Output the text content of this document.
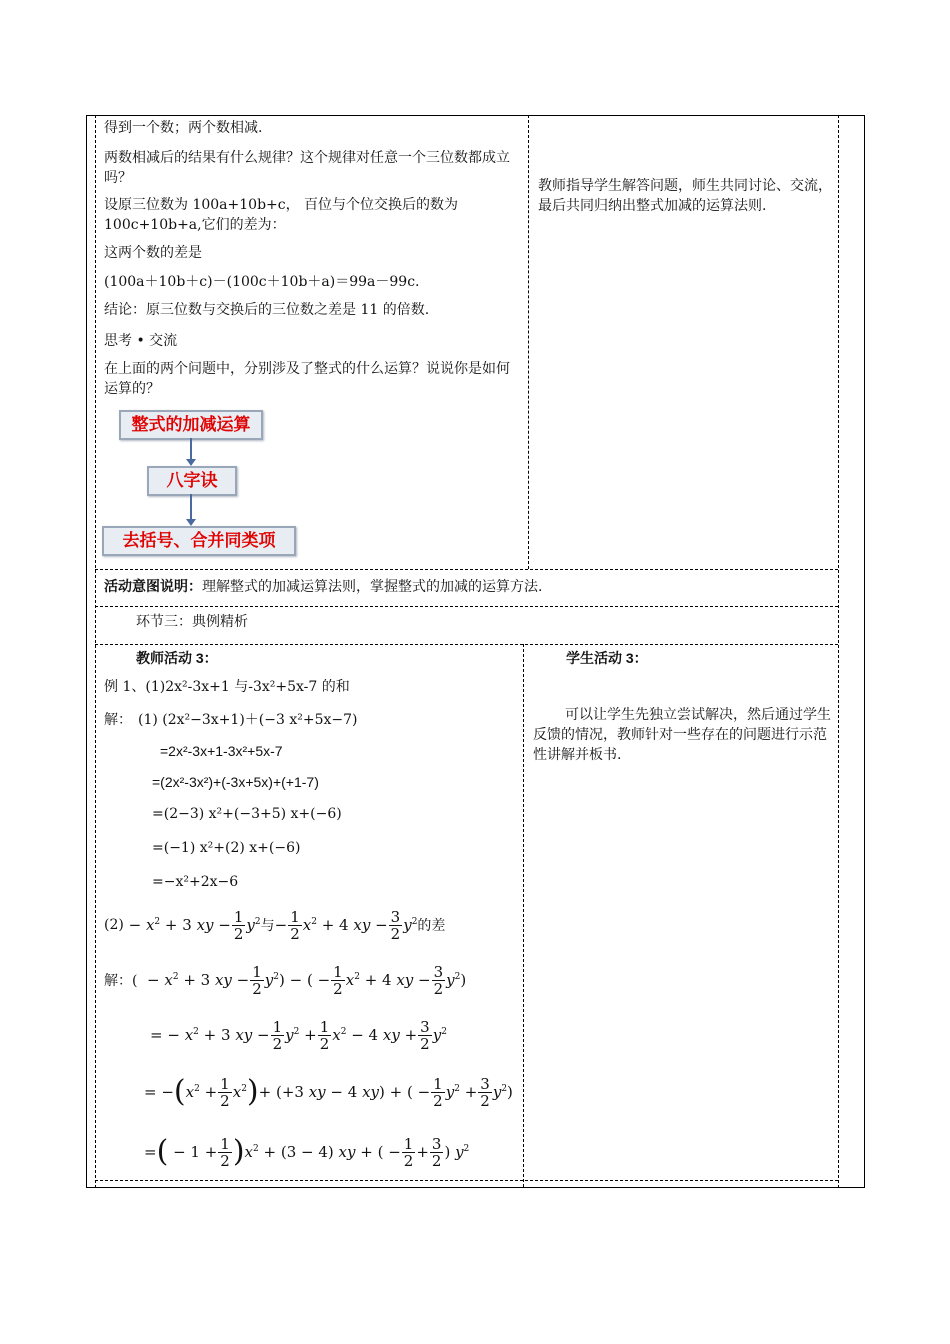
得到一个数；两个数相减.
两数相减后的结果有什么规律？这个规律对任意一个三位数都成立吗？
设原三位数为 100a+10b+c， 百位与个位交换后的数为 100c+10b+a,它们的差为：
这两个数的差是
(100a＋10b＋c)－(100c＋10b＋a)＝99a－99c.
结论：原三位数与交换后的三位数之差是 11 的倍数.
思考 • 交流
在上面的两个问题中，分别涉及了整式的什么运算？说说你是如何运算的？
整式的加减运算
八字诀
去括号、合并同类项
教师指导学生解答问题，师生共同讨论、交流，最后共同归纳出整式加减的运算法则.
活动意图说明：理解整式的加减运算法则，掌握整式的加减的运算方法.
环节三：典例精析
教师活动 3：
例 1、(1)2x²-3x+1 与-3x²+5x-7 的和
解： (1) (2x²−3x+1)＋(−3 x²+5x−7)
=2x²-3x+1-3x²+5x-7
=(2x²-3x²)+(-3x+5x)+(+1-7)
=(2−3) x²+(−3+5) x+(−6)
=(−1) x²+(2) x+(−6)
=−x²+2x−6
$(2) - x^2 + 3$ xy − $\frac{1}{2} y^2$ 与 − $\frac{1}{2} x^2 + 4$ xy − $\frac{3}{2} y^2$ 的差
解：( − $x^2 + 3$ xy − $\frac{1}{2} y^2$) − ( − $\frac{1}{2} x^2 + 4$ xy − $\frac{3}{2} y^2$)
= − $x^2 + 3$ xy − $\frac{1}{2} y^2 + \frac{1}{2} x^2 - 4$ xy + $\frac{3}{2} y^2$
= − ( $x^2 + \frac{1}{2} x^2$ ) + (+3 xy − 4 xy) + ( − $\frac{1}{2} y^2 + \frac{3}{2} y^2$)
= ( − $1 + \frac{1}{2}$ ) $x^2 + (3 - 4)$ xy + ( − $\frac{1}{2} + \frac{3}{2}$ ) $y^2$
学生活动 3：
可以让学生先独立尝试解决，然后通过学生反馈的情况，教师针对一些存在的问题进行示范性讲解并板书.
